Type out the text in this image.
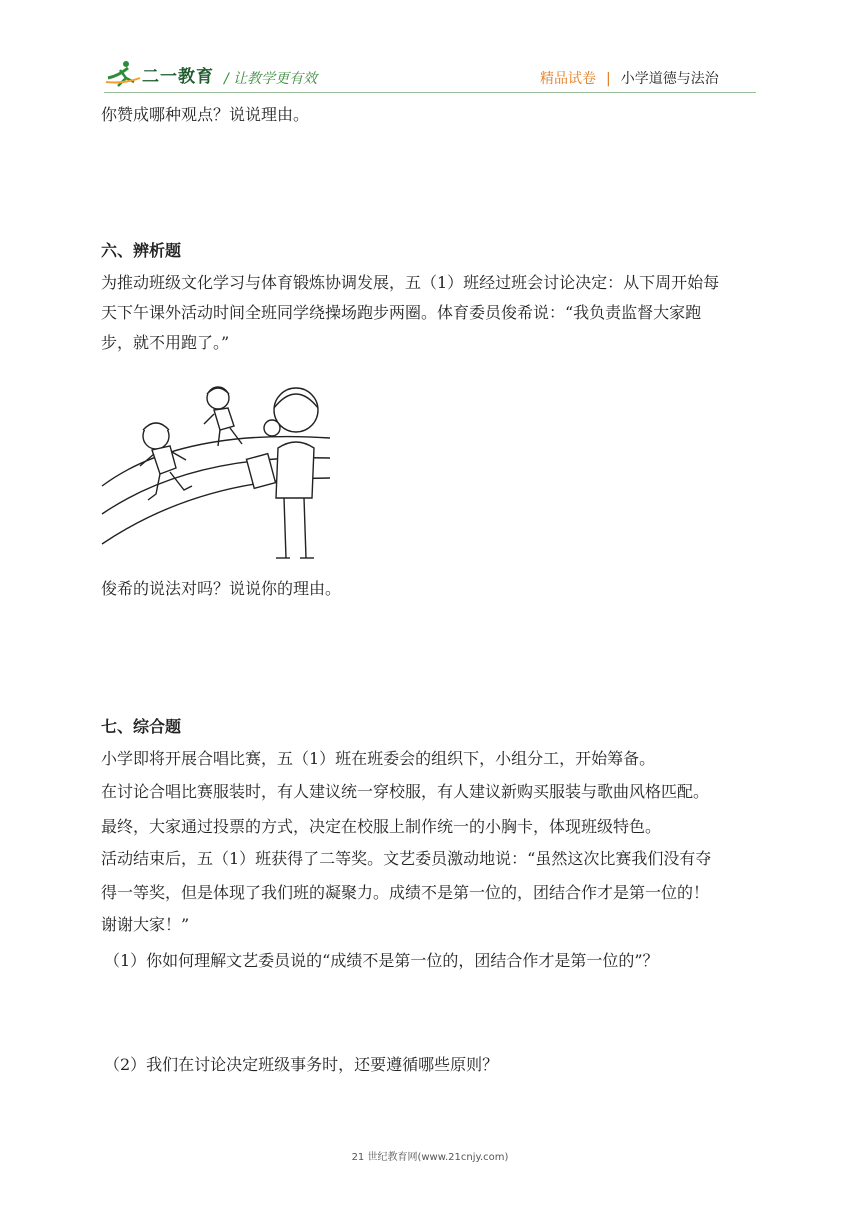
二一教育 / 让教学更有效	精品试卷 | 小学道德与法治
你赞成哪种观点？说说理由。
六、辨析题
为推动班级文化学习与体育锻炼协调发展，五（1）班经过班会讨论决定：从下周开始每
天下午课外活动时间全班同学绕操场跑步两圈。体育委员俊希说：“我负责监督大家跑
步，就不用跑了。”
俊希的说法对吗？说说你的理由。
七、综合题
小学即将开展合唱比赛，五（1）班在班委会的组织下，小组分工，开始筹备。
在讨论合唱比赛服装时，有人建议统一穿校服，有人建议新购买服装与歌曲风格匹配。
最终，大家通过投票的方式，决定在校服上制作统一的小胸卡，体现班级特色。
活动结束后，五（1）班获得了二等奖。文艺委员激动地说：“虽然这次比赛我们没有夺
得一等奖，但是体现了我们班的凝聚力。成绩不是第一位的，团结合作才是第一位的！
谢谢大家！”
（1）你如何理解文艺委员说的“成绩不是第一位的，团结合作才是第一位的”？
（2）我们在讨论决定班级事务时，还要遵循哪些原则？
21 世纪教育网(www.21cnjy.com)
